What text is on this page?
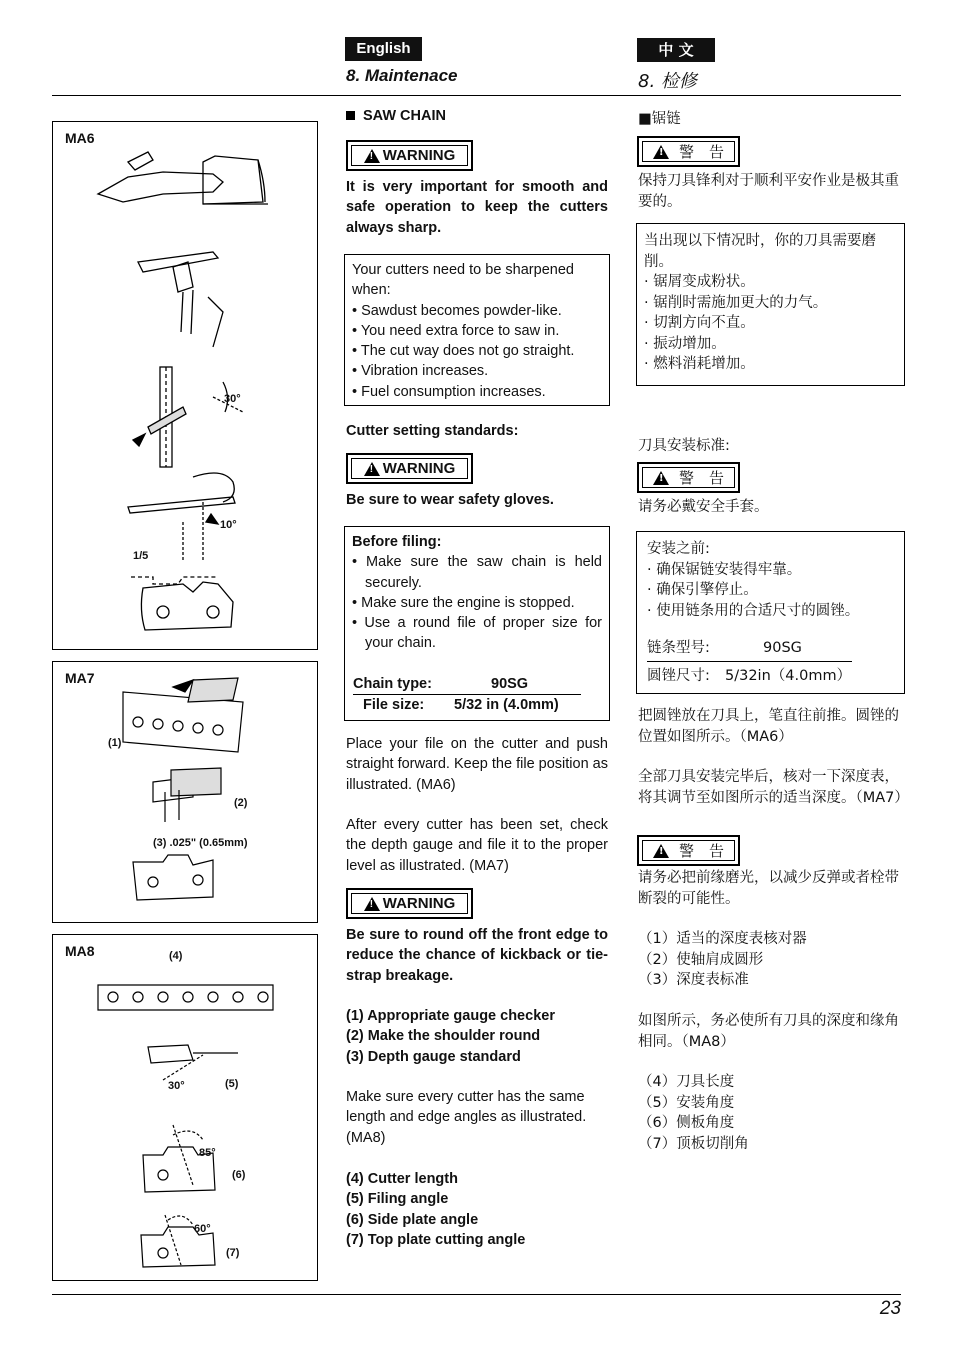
English
8. Maintenace
中 文
8. 检修
MA6
30°
10°
1/5
MA7
(1)
(2)
(3) .025" (0.65mm)
MA8	(4)
30°	(5)
85°
(6)
60°
(7)
SAW CHAIN
!
WARNING
It is very important for smooth and safe operation to keep the cutters always sharp.
Your cutters need to be sharpened when:
• Sawdust becomes powder-like.
• You need extra force to saw in.
• The cut way does not go straight.
• Vibration increases.
• Fuel consumption increases.
Cutter setting standards:
!
WARNING
Be sure to wear safety gloves.
Before filing:
• Make sure the saw chain is held securely.
• Make sure the engine is stopped.
• Use a round file of proper size for your chain.
Chain type:	90SG
File size:	5/32 in (4.0mm)
Place your file on the cutter and push straight forward. Keep the file position as illustrated. (MA6)
After every cutter has been set, check the depth gauge and file it to the proper level as illustrated. (MA7)
!
WARNING
Be sure to round off the front edge to reduce the chance of kickback or tie-strap breakage.
(1) Appropriate gauge checker
(2) Make the shoulder round
(3) Depth gauge standard
Make sure every cutter has the same length and edge angles as illustrated. (MA8)
(4) Cutter length
(5) Filing angle
(6) Side plate angle
(7) Top plate cutting angle
■锯链
!
警　告
保持刀具锋利对于顺利平安作业是极其重要的。
当出现以下情况时，你的刀具需要磨削。
· 锯屑变成粉状。
· 锯削时需施加更大的力气。
· 切割方向不直。
· 振动增加。
· 燃料消耗增加。
刀具安装标准:
!
警　告
请务必戴安全手套。
安装之前:
· 确保锯链安装得牢靠。
· 确保引擎停止。
· 使用链条用的合适尺寸的圆锉。
链条型号:	90SG
圆锉尺寸:	5/32in（4.0mm）
把圆锉放在刀具上，笔直往前推。圆锉的位置如图所示。（MA6）
全部刀具安装完毕后，核对一下深度表，将其调节至如图所示的适当深度。（MA7）
!
警　告
请务必把前缘磨光，以减少反弹或者栓带断裂的可能性。
（1）适当的深度表核对器
（2）使轴肩成圆形
（3）深度表标准
如图所示，务必使所有刀具的深度和缘角相同。（MA8）
（4）刀具长度
（5）安装角度
（6）侧板角度
（7）顶板切削角
23
